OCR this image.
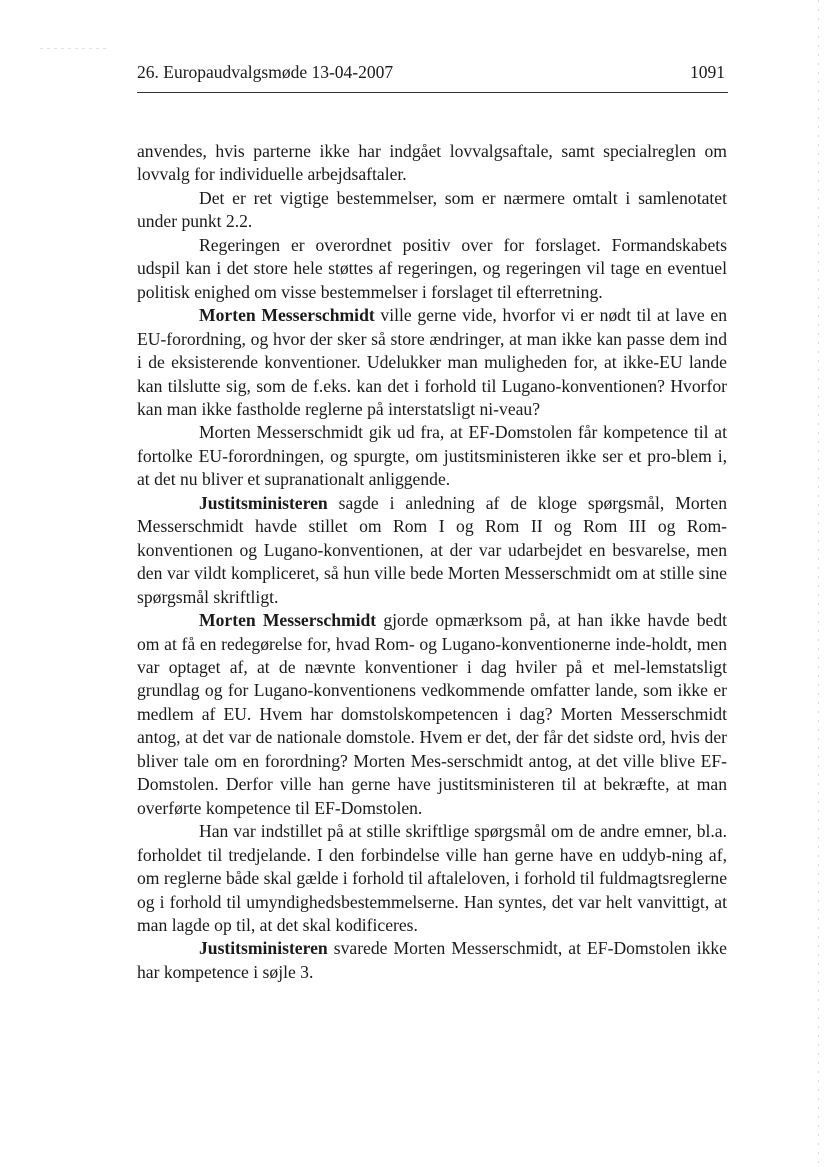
26. Europaudvalgsmøde 13-04-2007	1091

anvendes, hvis parterne ikke har indgået lovvalgsaftale, samt specialreglen om lovvalg for individuelle arbejdsaftaler.

Det er ret vigtige bestemmelser, som er nærmere omtalt i samlenotatet under punkt 2.2.

Regeringen er overordnet positiv over for forslaget. Formandskabets udspil kan i det store hele støttes af regeringen, og regeringen vil tage en eventuel politisk enighed om visse bestemmelser i forslaget til efterretning.

Morten Messerschmidt ville gerne vide, hvorfor vi er nødt til at lave en EU-forordning, og hvor der sker så store ændringer, at man ikke kan passe dem ind i de eksisterende konventioner. Udelukker man muligheden for, at ikke-EU lande kan tilslutte sig, som de f.eks. kan det i forhold til Lugano-konventionen? Hvorfor kan man ikke fastholde reglerne på interstatsligt ni-veau?

Morten Messerschmidt gik ud fra, at EF-Domstolen får kompetence til at fortolke EU-forordningen, og spurgte, om justitsministeren ikke ser et pro-blem i, at det nu bliver et supranationalt anliggende.

Justitsministeren sagde i anledning af de kloge spørgsmål, Morten Messerschmidt havde stillet om Rom I og Rom II og Rom III og Rom-konventionen og Lugano-konventionen, at der var udarbejdet en besvarelse, men den var vildt kompliceret, så hun ville bede Morten Messerschmidt om at stille sine spørgsmål skriftligt.

Morten Messerschmidt gjorde opmærksom på, at han ikke havde bedt om at få en redegørelse for, hvad Rom- og Lugano-konventionerne inde-holdt, men var optaget af, at de nævnte konventioner i dag hviler på et mel-lemstatsligt grundlag og for Lugano-konventionens vedkommende omfatter lande, som ikke er medlem af EU. Hvem har domstolskompetencen i dag? Morten Messerschmidt antog, at det var de nationale domstole. Hvem er det, der får det sidste ord, hvis der bliver tale om en forordning? Morten Mes-serschmidt antog, at det ville blive EF-Domstolen. Derfor ville han gerne have justitsministeren til at bekræfte, at man overførte kompetence til EF-Domstolen.

Han var indstillet på at stille skriftlige spørgsmål om de andre emner, bl.a. forholdet til tredjelande. I den forbindelse ville han gerne have en uddyb-ning af, om reglerne både skal gælde i forhold til aftaleloven, i forhold til fuldmagtsreglerne og i forhold til umyndighedsbestemmelserne. Han syntes, det var helt vanvittigt, at man lagde op til, at det skal kodificeres.

Justitsministeren svarede Morten Messerschmidt, at EF-Domstolen ikke har kompetence i søjle 3.
